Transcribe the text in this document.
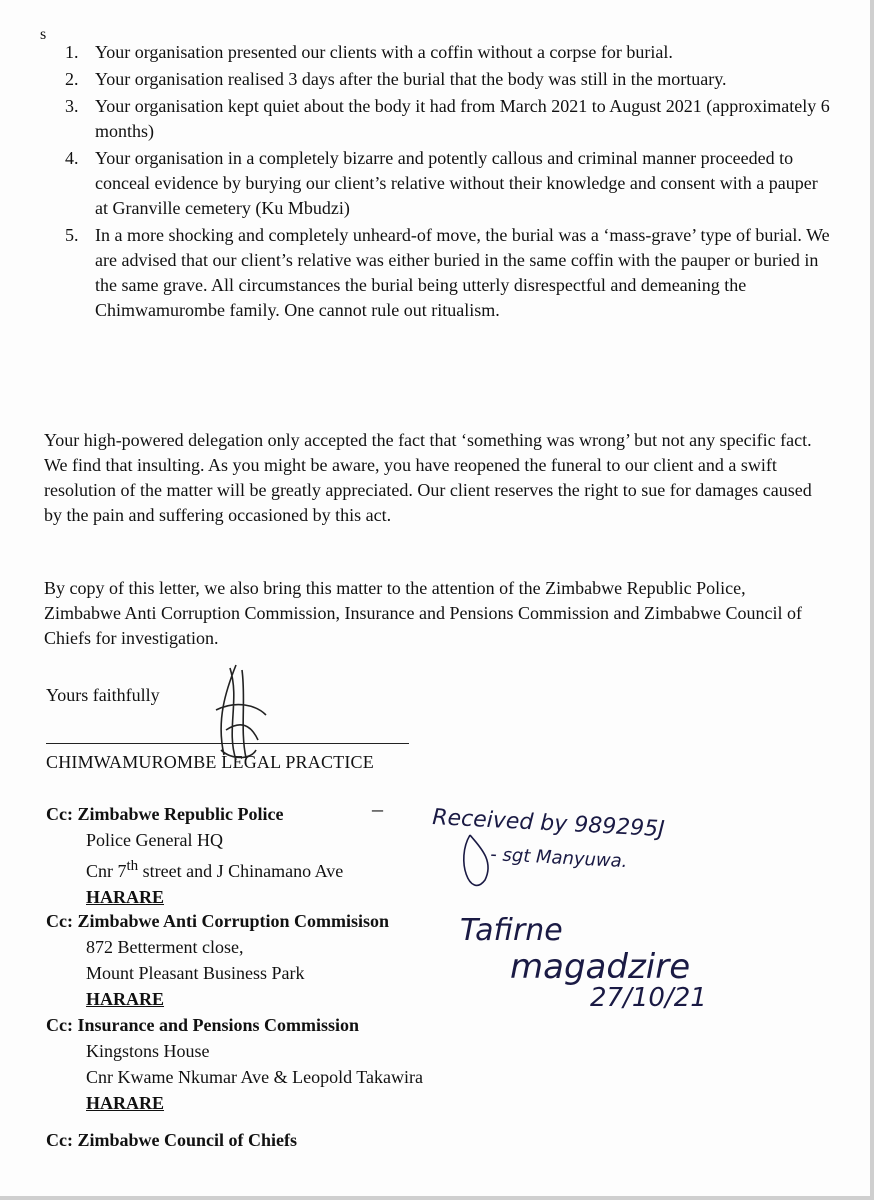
s
1. Your organisation presented our clients with a coffin without a corpse for burial.
2. Your organisation realised 3 days after the burial that the body was still in the mortuary.
3. Your organisation kept quiet about the body it had from March 2021 to August 2021 (approximately 6 months)
4. Your organisation in a completely bizarre and potently callous and criminal manner proceeded to conceal evidence by burying our client’s relative without their knowledge and consent with a pauper at Granville cemetery (Ku Mbudzi)
5. In a more shocking and completely unheard-of move, the burial was a ‘mass-grave’ type of burial. We are advised that our client’s relative was either buried in the same coffin with the pauper or buried in the same grave. All circumstances the burial being utterly disrespectful and demeaning the Chimwamurombe family. One cannot rule out ritualism.

Your high-powered delegation only accepted the fact that ‘something was wrong’ but not any specific fact. We find that insulting. As you might be aware, you have reopened the funeral to our client and a swift resolution of the matter will be greatly appreciated. Our client reserves the right to sue for damages caused by the pain and suffering occasioned by this act.

By copy of this letter, we also bring this matter to the attention of the Zimbabwe Republic Police, Zimbabwe Anti Corruption Commission, Insurance and Pensions Commission and Zimbabwe Council of Chiefs for investigation.

Yours faithfully
CHIMWAMUROMBE LEGAL PRACTICE
Cc: Zimbabwe Republic Police
Police General HQ
Cnr 7th street and J Chinamano Ave
HARARE
–
Cc: Zimbabwe Anti Corruption Commisison
872 Betterment close,
Mount Pleasant Business Park
HARARE
Cc: Insurance and Pensions Commission
Kingstons House
Cnr Kwame Nkumar Ave & Leopold Takawira
HARARE
Cc: Zimbabwe Council of Chiefs
Received by 989295J
- sgt Manyuwa.
Tafirne
magadzire
27/10/21
